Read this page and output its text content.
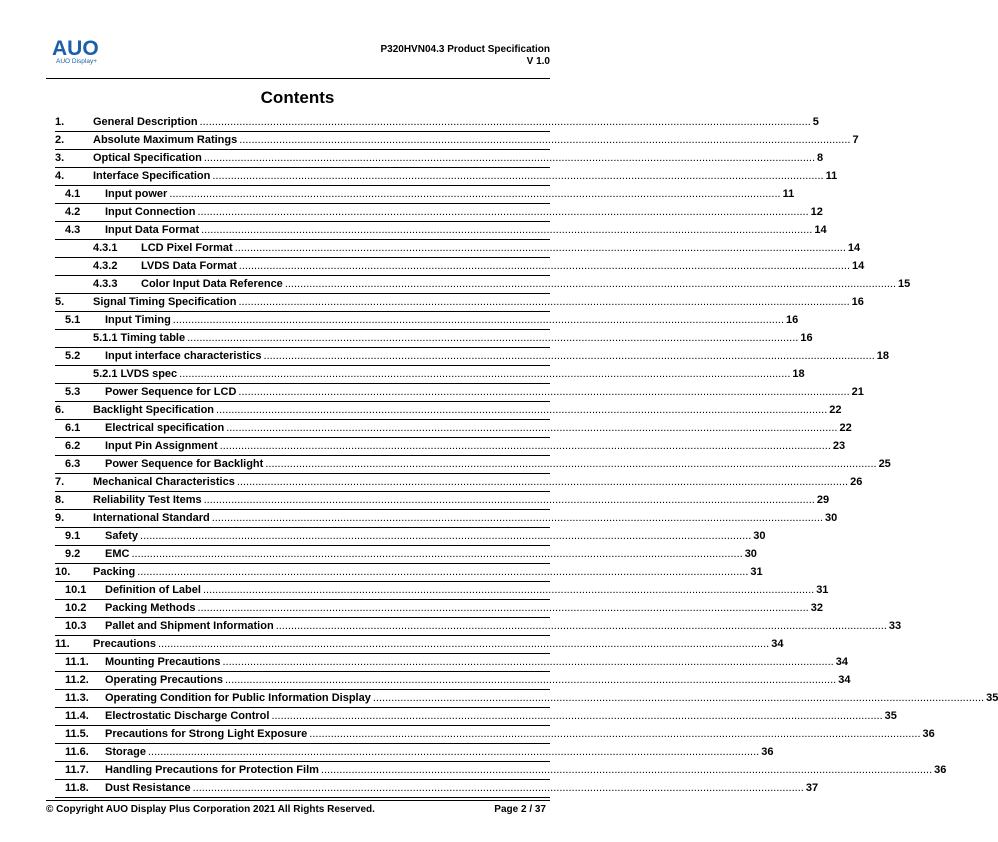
AUO
AUO Display+
P320HVN04.3 Product Specification
V 1.0
Contents
1.	General Description ........................................................................................................................................................................................................ 5
2.	Absolute Maximum Ratings ........................................................................................................................................................................................................ 7
3.	Optical Specification ........................................................................................................................................................................................................ 8
4.	Interface Specification ........................................................................................................................................................................................................ 11
4.1 Input power ........................................................................................................................................................................................................ 11
4.2 Input Connection ........................................................................................................................................................................................................ 12
4.3 Input Data Format ........................................................................................................................................................................................................ 14
4.3.1 LCD Pixel Format ........................................................................................................................................................................................................ 14
4.3.2 LVDS Data Format ........................................................................................................................................................................................................ 14
4.3.3 Color Input Data Reference ........................................................................................................................................................................................................ 15
5.	Signal Timing Specification ........................................................................................................................................................................................................ 16
5.1 Input Timing ........................................................................................................................................................................................................ 16
5.1.1 Timing table ........................................................................................................................................................................................................ 16
5.2 Input interface characteristics ........................................................................................................................................................................................................ 18
5.2.1 LVDS spec ........................................................................................................................................................................................................ 18
5.3 Power Sequence for LCD ........................................................................................................................................................................................................ 21
6.	Backlight Specification ........................................................................................................................................................................................................ 22
6.1 Electrical specification ........................................................................................................................................................................................................ 22
6.2 Input Pin Assignment ........................................................................................................................................................................................................ 23
6.3 Power Sequence for Backlight ........................................................................................................................................................................................................ 25
7.	Mechanical Characteristics ........................................................................................................................................................................................................ 26
8.	Reliability Test Items ........................................................................................................................................................................................................ 29
9.	International Standard ........................................................................................................................................................................................................ 30
9.1 Safety ........................................................................................................................................................................................................ 30
9.2 EMC ........................................................................................................................................................................................................ 30
10. Packing ........................................................................................................................................................................................................ 31
10.1 Definition of Label ........................................................................................................................................................................................................ 31
10.2 Packing Methods ........................................................................................................................................................................................................ 32
10.3 Pallet and Shipment Information ........................................................................................................................................................................................................ 33
11. Precautions ........................................................................................................................................................................................................ 34
11.1. Mounting Precautions ........................................................................................................................................................................................................ 34
11.2. Operating Precautions ........................................................................................................................................................................................................ 34
11.3. Operating Condition for Public Information Display ........................................................................................................................................................................................................ 35
11.4. Electrostatic Discharge Control ........................................................................................................................................................................................................ 35
11.5. Precautions for Strong Light Exposure ........................................................................................................................................................................................................ 36
11.6. Storage ........................................................................................................................................................................................................ 36
11.7. Handling Precautions for Protection Film ........................................................................................................................................................................................................ 36
11.8. Dust Resistance ........................................................................................................................................................................................................ 37
© Copyright AUO Display Plus Corporation 2021 All Rights Reserved.	Page 2 / 37
